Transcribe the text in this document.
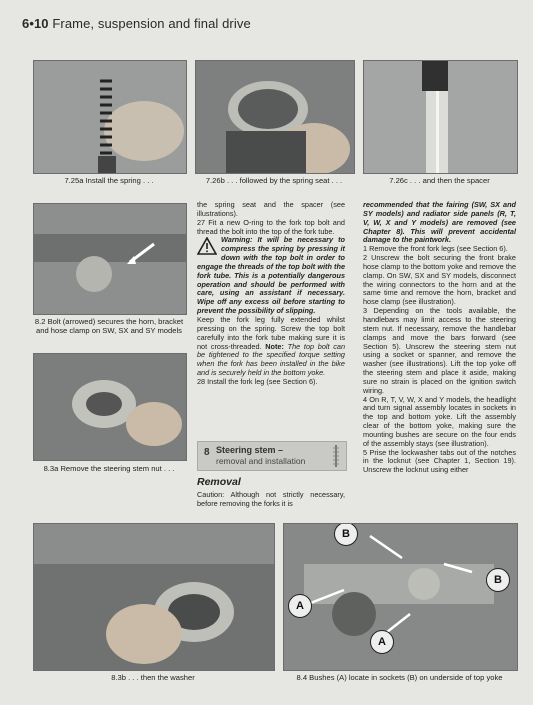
6•10 Frame, suspension and final drive
7.25a Install the spring . . .	7.26b . . . followed by the spring seat . . .	7.26c . . . and then the spacer
8.2 Bolt (arrowed) secures the horn, bracket and hose clamp on SW, SX and SY models
8.3a Remove the steering stem nut . . .

the spring seat and the spacer (see illustrations).

27 Fit a new O-ring to the fork top bolt and thread the bolt into the top of the fork tube.

Warning: It will be necessary to compress the spring by pressing it down with the top bolt in order to engage the threads of the top bolt with the fork tube. This is a potentially dangerous operation and should be performed with care, using an assistant if necessary. Wipe off any excess oil before starting to prevent the possibility of slipping.

Keep the fork leg fully extended whilst pressing on the spring. Screw the top bolt carefully into the fork tube making sure it is not cross-threaded. Note: The top bolt can be tightened to the specified torque setting when the fork has been installed in the bike and is securely held in the bottom yoke.

28 Install the fork leg (see Section 6).

8 Steering stem –
removal and installation
Removal
Caution: Although not strictly necessary, before removing the forks it is

recommended that the fairing (SW, SX and SY models) and radiator side panels (R, T, V, W, X and Y models) are removed (see Chapter 8). This will prevent accidental damage to the paintwork.

1 Remove the front fork legs (see Section 6).

2 Unscrew the bolt securing the front brake hose clamp to the bottom yoke and remove the clamp. On SW, SX and SY models, disconnect the wiring connectors to the horn and at the same time and remove the horn, bracket and hose clamp (see illustration).

3 Depending on the tools available, the handlebars may limit access to the steering stem nut. If necessary, remove the handlebar clamps and move the bars forward (see Section 5). Unscrew the steering stem nut using a socket or spanner, and remove the washer (see illustrations). Lift the top yoke off the steering stem and place it aside, making sure no strain is placed on the ignition switch wiring.

4 On R, T, V, W, X and Y models, the headlight and turn signal assembly locates in sockets in the top and bottom yoke. Lift the assembly clear of the bottom yoke, making sure the mounting bushes are secure on the four ends of the assembly stays (see illustration).

5 Prise the lockwasher tabs out of the notches in the locknut (see Chapter 1, Section 19). Unscrew the locknut using either

8.3b . . . then the washer
B
B
A
A
8.4 Bushes (A) locate in sockets (B) on underside of top yoke
